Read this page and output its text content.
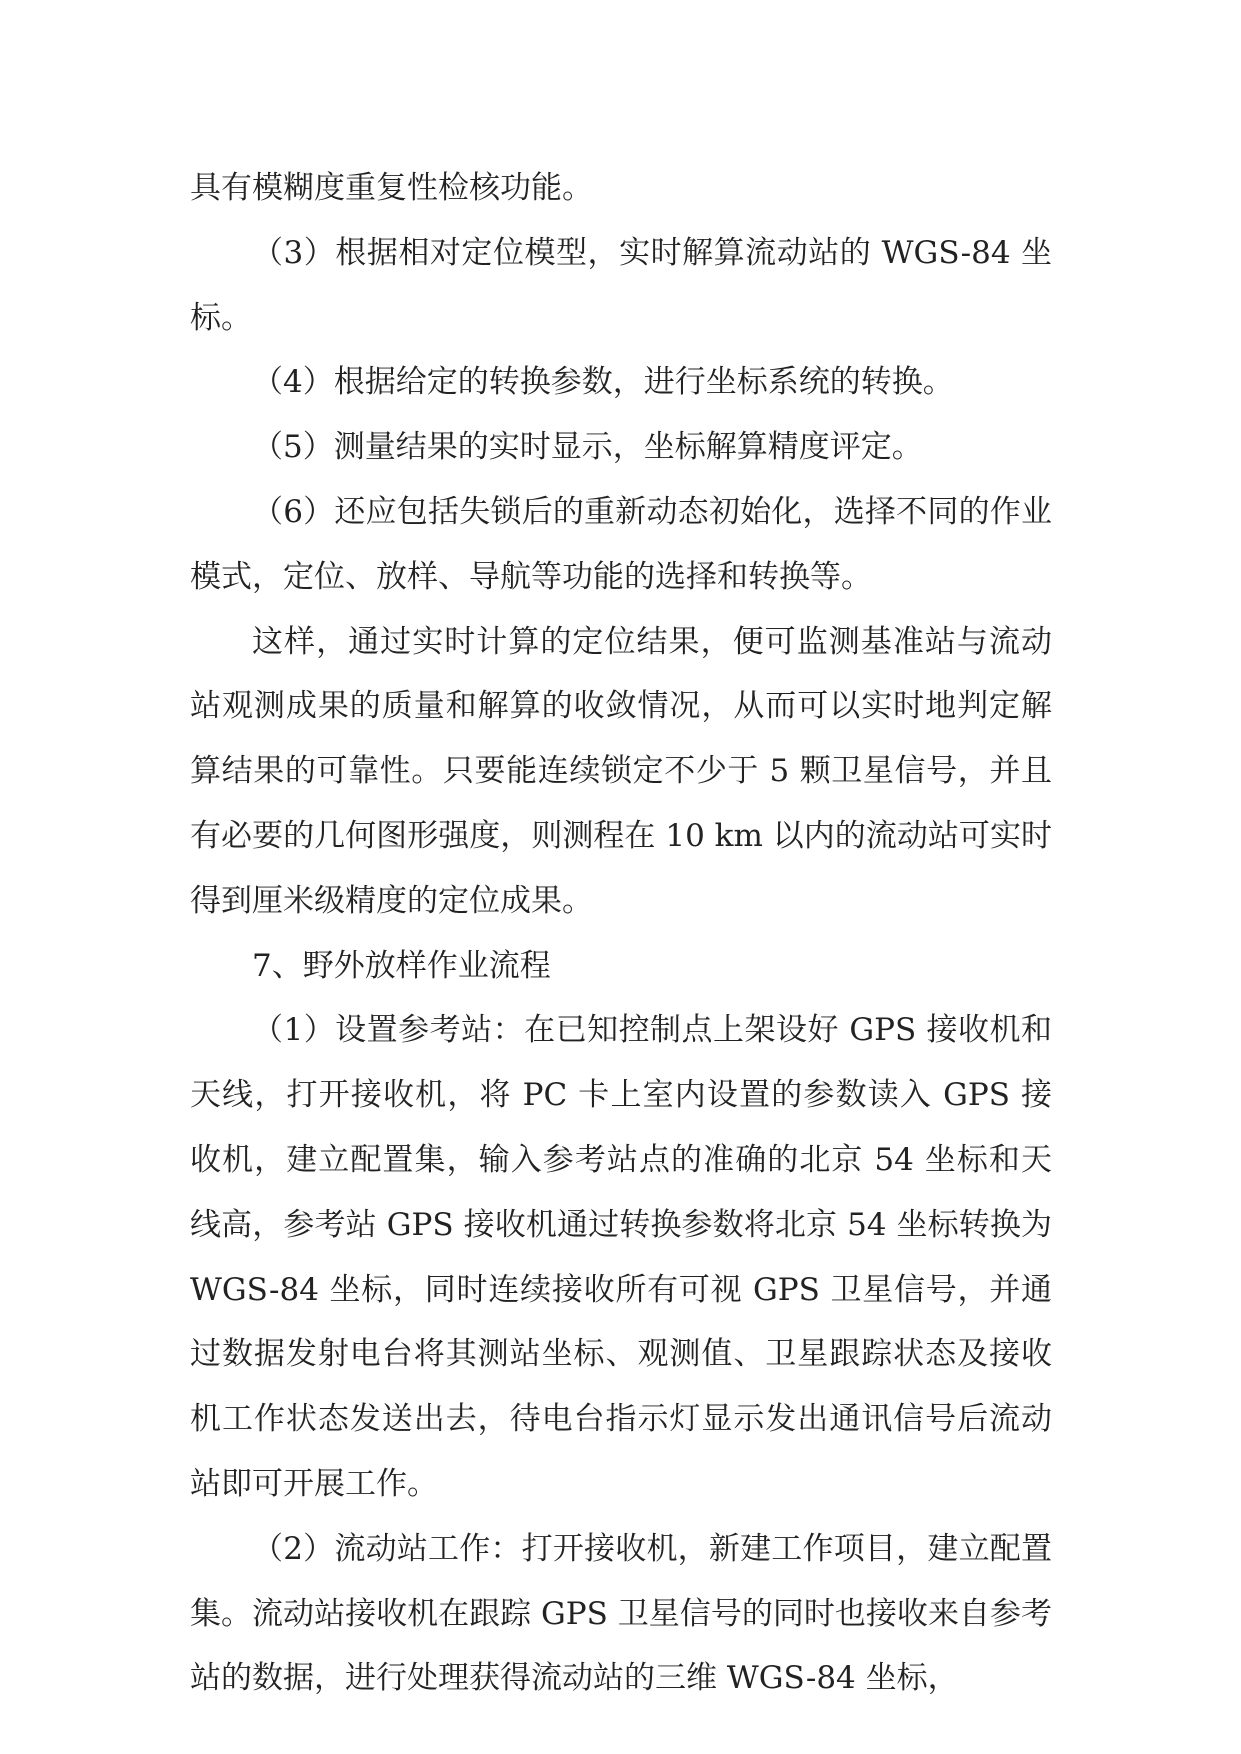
具有模糊度重复性检核功能。

（3）根据相对定位模型，实时解算流动站的 WGS-84 坐标。

（4）根据给定的转换参数，进行坐标系统的转换。

（5）测量结果的实时显示，坐标解算精度评定。

（6）还应包括失锁后的重新动态初始化，选择不同的作业模式，定位、放样、导航等功能的选择和转换等。

这样，通过实时计算的定位结果，便可监测基准站与流动站观测成果的质量和解算的收敛情况，从而可以实时地判定解算结果的可靠性。只要能连续锁定不少于 5 颗卫星信号，并且有必要的几何图形强度，则测程在 10 km 以内的流动站可实时得到厘米级精度的定位成果。

7、野外放样作业流程

（1）设置参考站：在已知控制点上架设好 GPS 接收机和天线，打开接收机，将 PC 卡上室内设置的参数读入 GPS 接收机，建立配置集，输入参考站点的准确的北京 54 坐标和天线高，参考站 GPS 接收机通过转换参数将北京 54 坐标转换为 WGS-84 坐标，同时连续接收所有可视 GPS 卫星信号，并通过数据发射电台将其测站坐标、观测值、卫星跟踪状态及接收机工作状态发送出去，待电台指示灯显示发出通讯信号后流动站即可开展工作。

（2）流动站工作：打开接收机，新建工作项目，建立配置集。流动站接收机在跟踪 GPS 卫星信号的同时也接收来自参考站的数据，进行处理获得流动站的三维 WGS-84 坐标，
